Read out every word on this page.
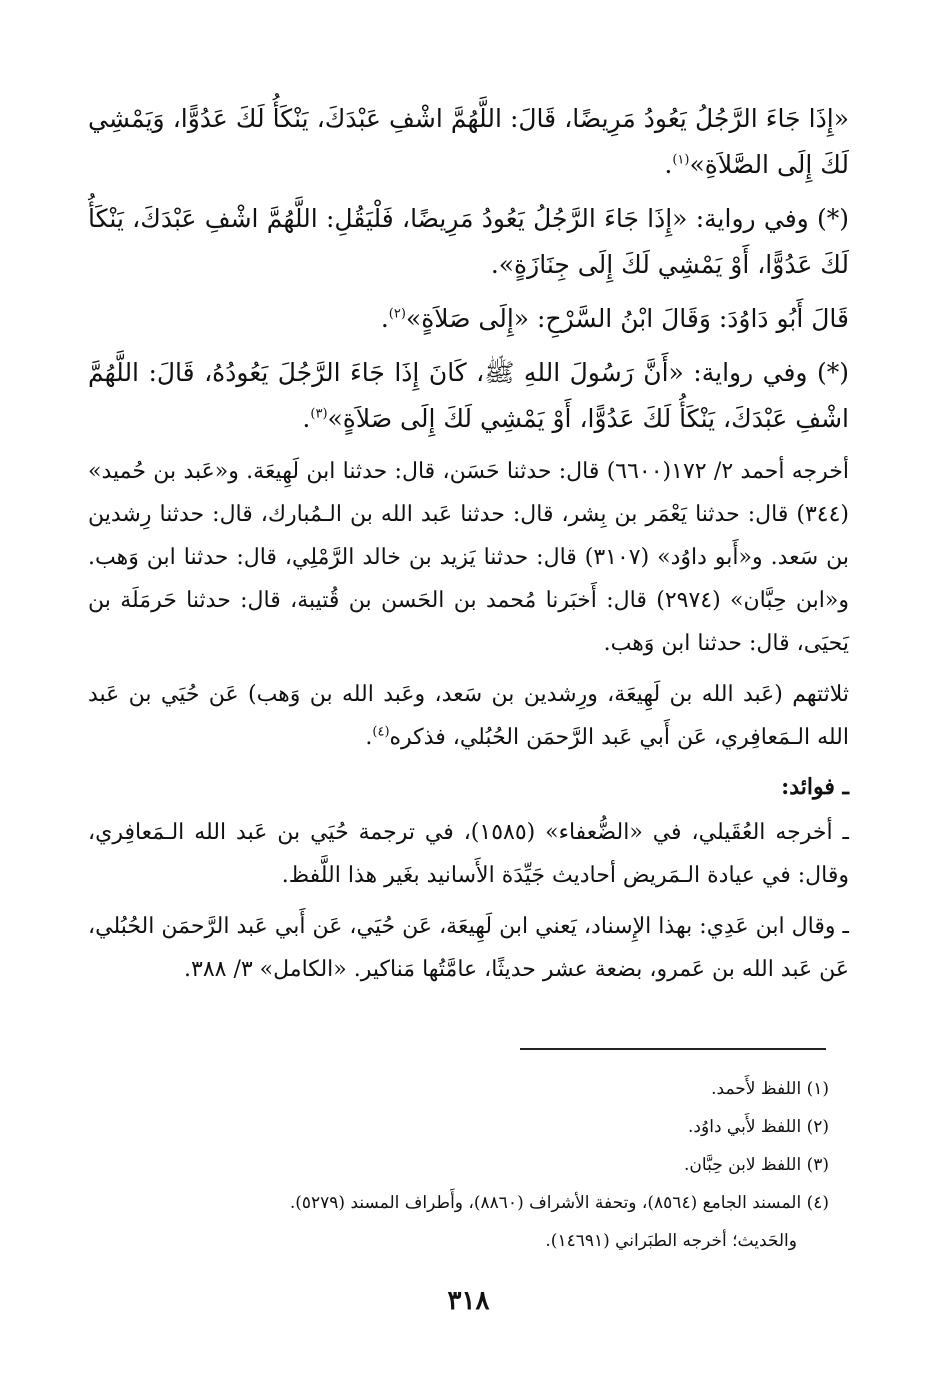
«إِذَا جَاءَ الرَّجُلُ يَعُودُ مَرِيضًا، قَالَ: اللَّهُمَّ اشْفِ عَبْدَكَ، يَنْكَأُ لَكَ عَدُوًّا، وَيَمْشِي لَكَ إِلَى الصَّلاَةِ»$^{(١)}$.

(*) وفي رواية: «إِذَا جَاءَ الرَّجُلُ يَعُودُ مَرِيضًا، فَلْيَقُلِ: اللَّهُمَّ اشْفِ عَبْدَكَ، يَنْكَأُ لَكَ عَدُوًّا، أَوْ يَمْشِي لَكَ إِلَى جِنَازَةٍ».

قَالَ أَبُو دَاوُدَ: وَقَالَ ابْنُ السَّرْحِ: «إِلَى صَلاَةٍ»$^{(٢)}$.

(*) وفي رواية: «أَنَّ رَسُولَ اللهِ ﷺ، كَانَ إِذَا جَاءَ الرَّجُلَ يَعُودُهُ، قَالَ: اللَّهُمَّ اشْفِ عَبْدَكَ، يَنْكَأُ لَكَ عَدُوًّا، أَوْ يَمْشِي لَكَ إِلَى صَلاَةٍ»$^{(٣)}$.

أخرجه أحمد ٢/ ١٧٢(٦٦٠٠) قال: حدثنا حَسَن، قال: حدثنا ابن لَهِيعَة. و«عَبد بن حُميد» (٣٤٤) قال: حدثنا يَعْمَر بن بِشر، قال: حدثنا عَبد الله بن الـمُبارك، قال: حدثنا رِشدين بن سَعد. و«أَبو داوُد» (٣١٠٧) قال: حدثنا يَزيد بن خالد الرَّمْلِي، قال: حدثنا ابن وَهب. و«ابن حِبَّان» (٢٩٧٤) قال: أَخبَرنا مُحمد بن الحَسن بن قُتيبة، قال: حدثنا حَرمَلَة بن يَحيَى، قال: حدثنا ابن وَهب.

ثلاثتهم (عَبد الله بن لَهِيعَة، ورِشدين بن سَعد، وعَبد الله بن وَهب) عَن حُيَي بن عَبد الله الـمَعافِري، عَن أَبي عَبد الرَّحمَن الحُبُلي، فذكره$^{(٤)}$.

ـ فوائد:

ـ أخرجه العُقَيلي، في «الضُّعفاء» (١٥٨٥)، في ترجمة حُيَي بن عَبد الله الـمَعافِري، وقال: في عيادة الـمَريض أحاديث جَيِّدَة الأَسانيد بغَير هذا اللَّفظ.

ـ وقال ابن عَدِي: بهذا الإِسناد، يَعني ابن لَهِيعَة، عَن حُيَي، عَن أَبي عَبد الرَّحمَن الحُبُلي، عَن عَبد الله بن عَمرو، بضعة عشر حديثًا، عامَّتُها مَناكير. «الكامل» ٣/ ٣٨٨.

(١) اللفظ لأَحمد.
(٢) اللفظ لأَبي داوُد.
(٣) اللفظ لابن حِبَّان.
(٤) المسند الجامع (٨٥٦٤)، وتحفة الأشراف (٨٨٦٠)، وأَطراف المسند (٥٢٧٩).
والحَديث؛ أخرجه الطبَراني (١٤٦٩١).
٣١٨
